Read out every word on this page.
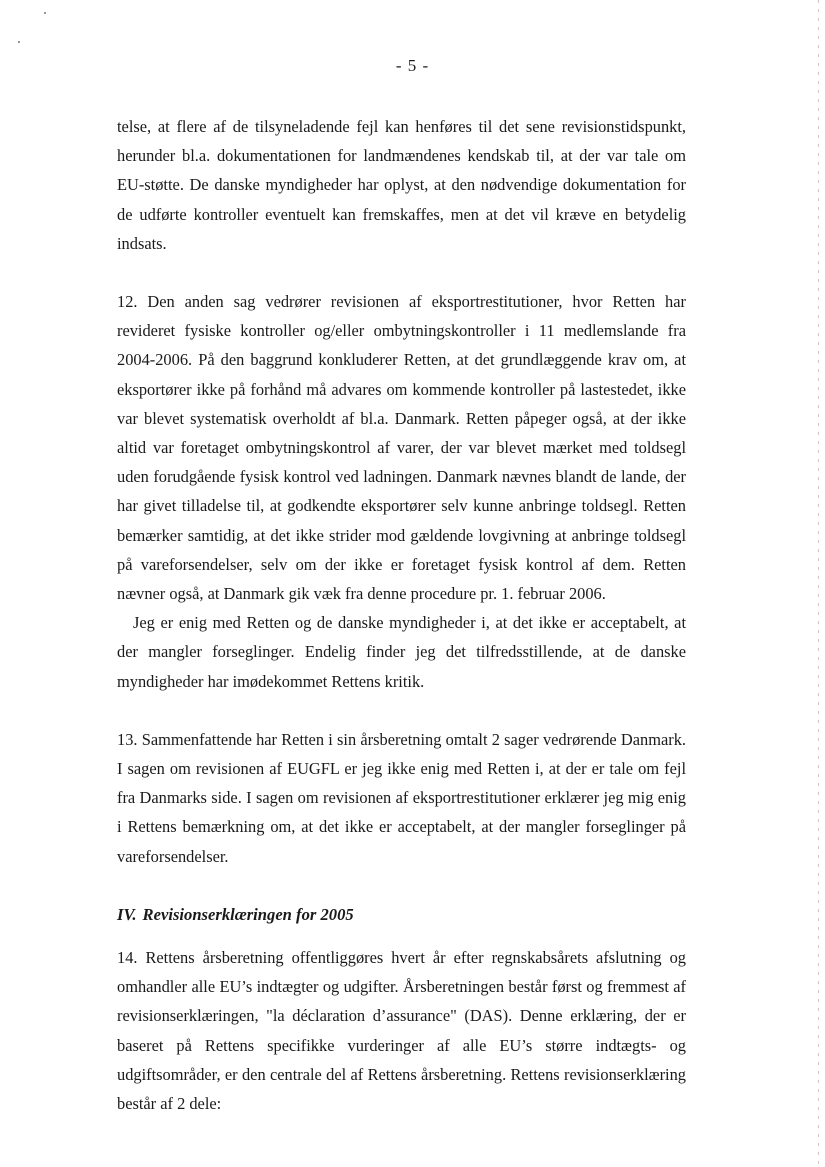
- 5 -

telse, at flere af de tilsyneladende fejl kan henføres til det sene revisionstidspunkt, herunder bl.a. dokumentationen for landmændenes kendskab til, at der var tale om EU-støtte. De danske myndigheder har oplyst, at den nødvendige dokumentation for de udførte kontroller eventuelt kan fremskaffes, men at det vil kræve en betydelig indsats.

12. Den anden sag vedrører revisionen af eksportrestitutioner, hvor Retten har revideret fysiske kontroller og/eller ombytningskontroller i 11 medlemslande fra 2004-2006. På den baggrund konkluderer Retten, at det grundlæggende krav om, at eksportører ikke på forhånd må advares om kommende kontroller på lastestedet, ikke var blevet systematisk overholdt af bl.a. Danmark. Retten påpeger også, at der ikke altid var foretaget ombytningskontrol af varer, der var blevet mærket med toldsegl uden forudgående fysisk kontrol ved ladningen. Danmark nævnes blandt de lande, der har givet tilladelse til, at godkendte eksportører selv kunne anbringe toldsegl. Retten bemærker samtidig, at det ikke strider mod gældende lovgivning at anbringe toldsegl på vareforsendelser, selv om der ikke er foretaget fysisk kontrol af dem. Retten nævner også, at Danmark gik væk fra denne procedure pr. 1. februar 2006.

Jeg er enig med Retten og de danske myndigheder i, at det ikke er acceptabelt, at der mangler forseglinger. Endelig finder jeg det tilfredsstillende, at de danske myndigheder har imødekommet Rettens kritik.

13. Sammenfattende har Retten i sin årsberetning omtalt 2 sager vedrørende Danmark. I sagen om revisionen af EUGFL er jeg ikke enig med Retten i, at der er tale om fejl fra Danmarks side. I sagen om revisionen af eksportrestitutioner erklærer jeg mig enig i Rettens bemærkning om, at det ikke er acceptabelt, at der mangler forseglinger på vareforsendelser.

IV. Revisionserklæringen for 2005

14. Rettens årsberetning offentliggøres hvert år efter regnskabsårets afslutning og omhandler alle EU’s indtægter og udgifter. Årsberetningen består først og fremmest af revisionserklæringen, "la déclaration d’assurance" (DAS). Denne erklæring, der er baseret på Rettens specifikke vurderinger af alle EU’s større indtægts- og udgiftsområder, er den centrale del af Rettens årsberetning. Rettens revisionserklæring består af 2 dele:
